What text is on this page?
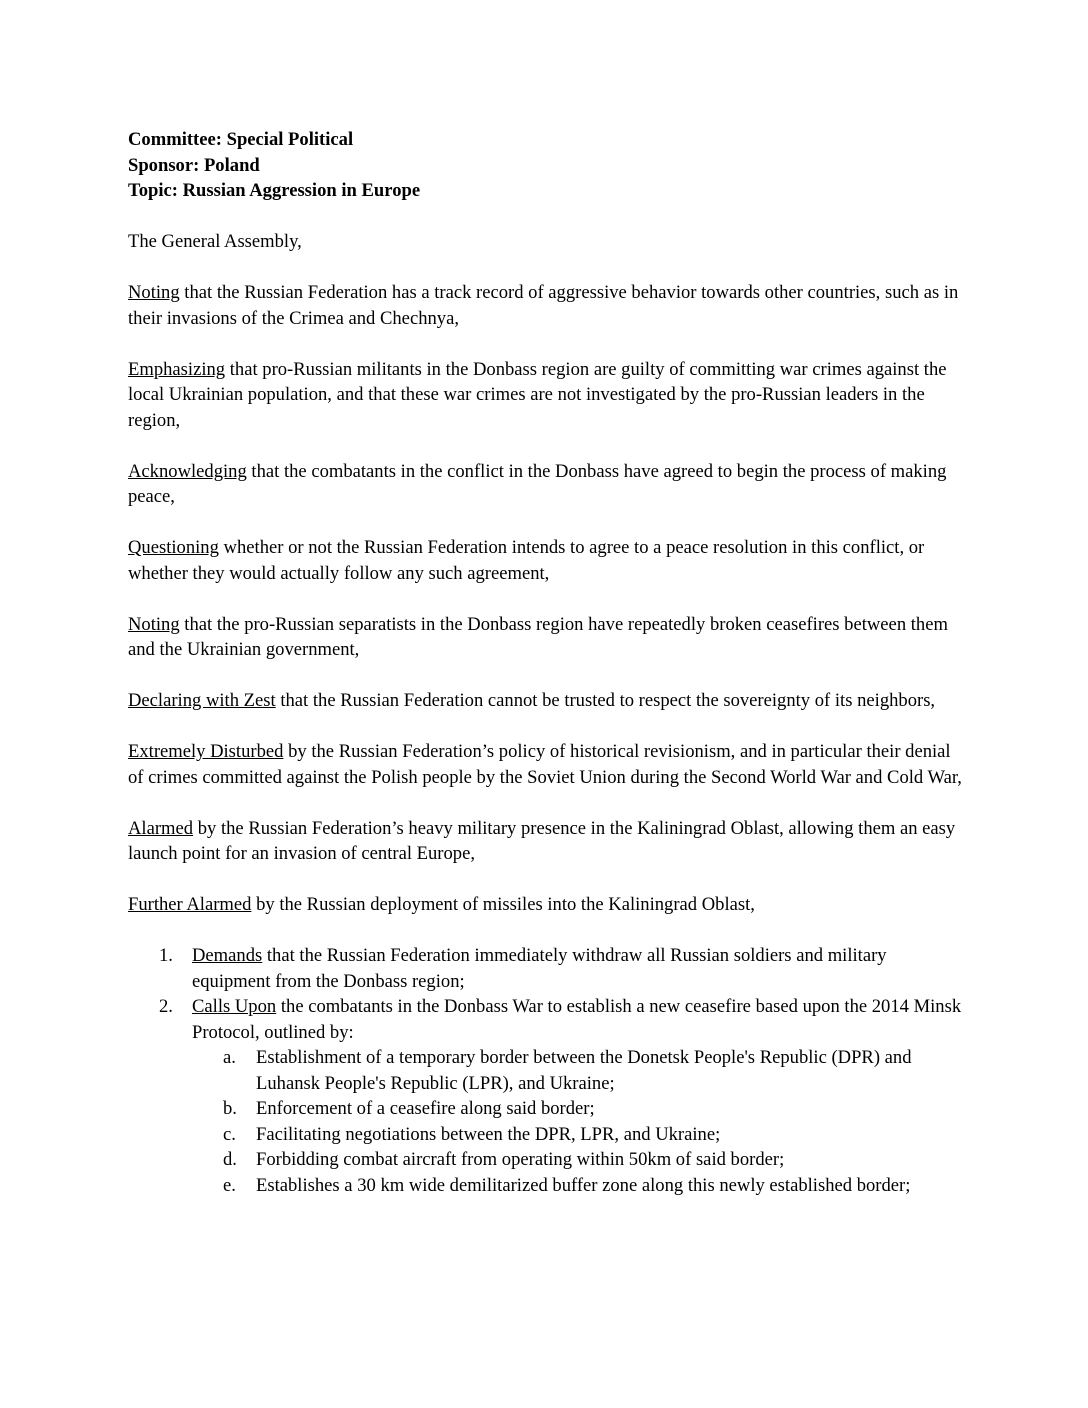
Committee: Special Political

Sponsor: Poland

Topic: Russian Aggression in Europe

The General Assembly,

Noting that the Russian Federation has a track record of aggressive behavior towards other countries, such as in their invasions of the Crimea and Chechnya,

Emphasizing that pro-Russian militants in the Donbass region are guilty of committing war crimes against the local Ukrainian population, and that these war crimes are not investigated by the pro-Russian leaders in the region,

Acknowledging that the combatants in the conflict in the Donbass have agreed to begin the process of making peace,

Questioning whether or not the Russian Federation intends to agree to a peace resolution in this conflict, or whether they would actually follow any such agreement,

Noting that the pro-Russian separatists in the Donbass region have repeatedly broken ceasefires between them and the Ukrainian government,

Declaring with Zest that the Russian Federation cannot be trusted to respect the sovereignty of its neighbors,

Extremely Disturbed by the Russian Federation’s policy of historical revisionism, and in particular their denial of crimes committed against the Polish people by the Soviet Union during the Second World War and Cold War,

Alarmed by the Russian Federation’s heavy military presence in the Kaliningrad Oblast, allowing them an easy launch point for an invasion of central Europe,

Further Alarmed by the Russian deployment of missiles into the Kaliningrad Oblast,

1. Demands that the Russian Federation immediately withdraw all Russian soldiers and military equipment from the Donbass region;
2. Calls Upon the combatants in the Donbass War to establish a new ceasefire based upon the 2014 Minsk Protocol, outlined by:
a. Establishment of a temporary border between the Donetsk People's Republic (DPR) and Luhansk People's Republic (LPR), and Ukraine;
b. Enforcement of a ceasefire along said border;
c. Facilitating negotiations between the DPR, LPR, and Ukraine;
d. Forbidding combat aircraft from operating within 50km of said border;
e. Establishes a 30 km wide demilitarized buffer zone along this newly established border;
